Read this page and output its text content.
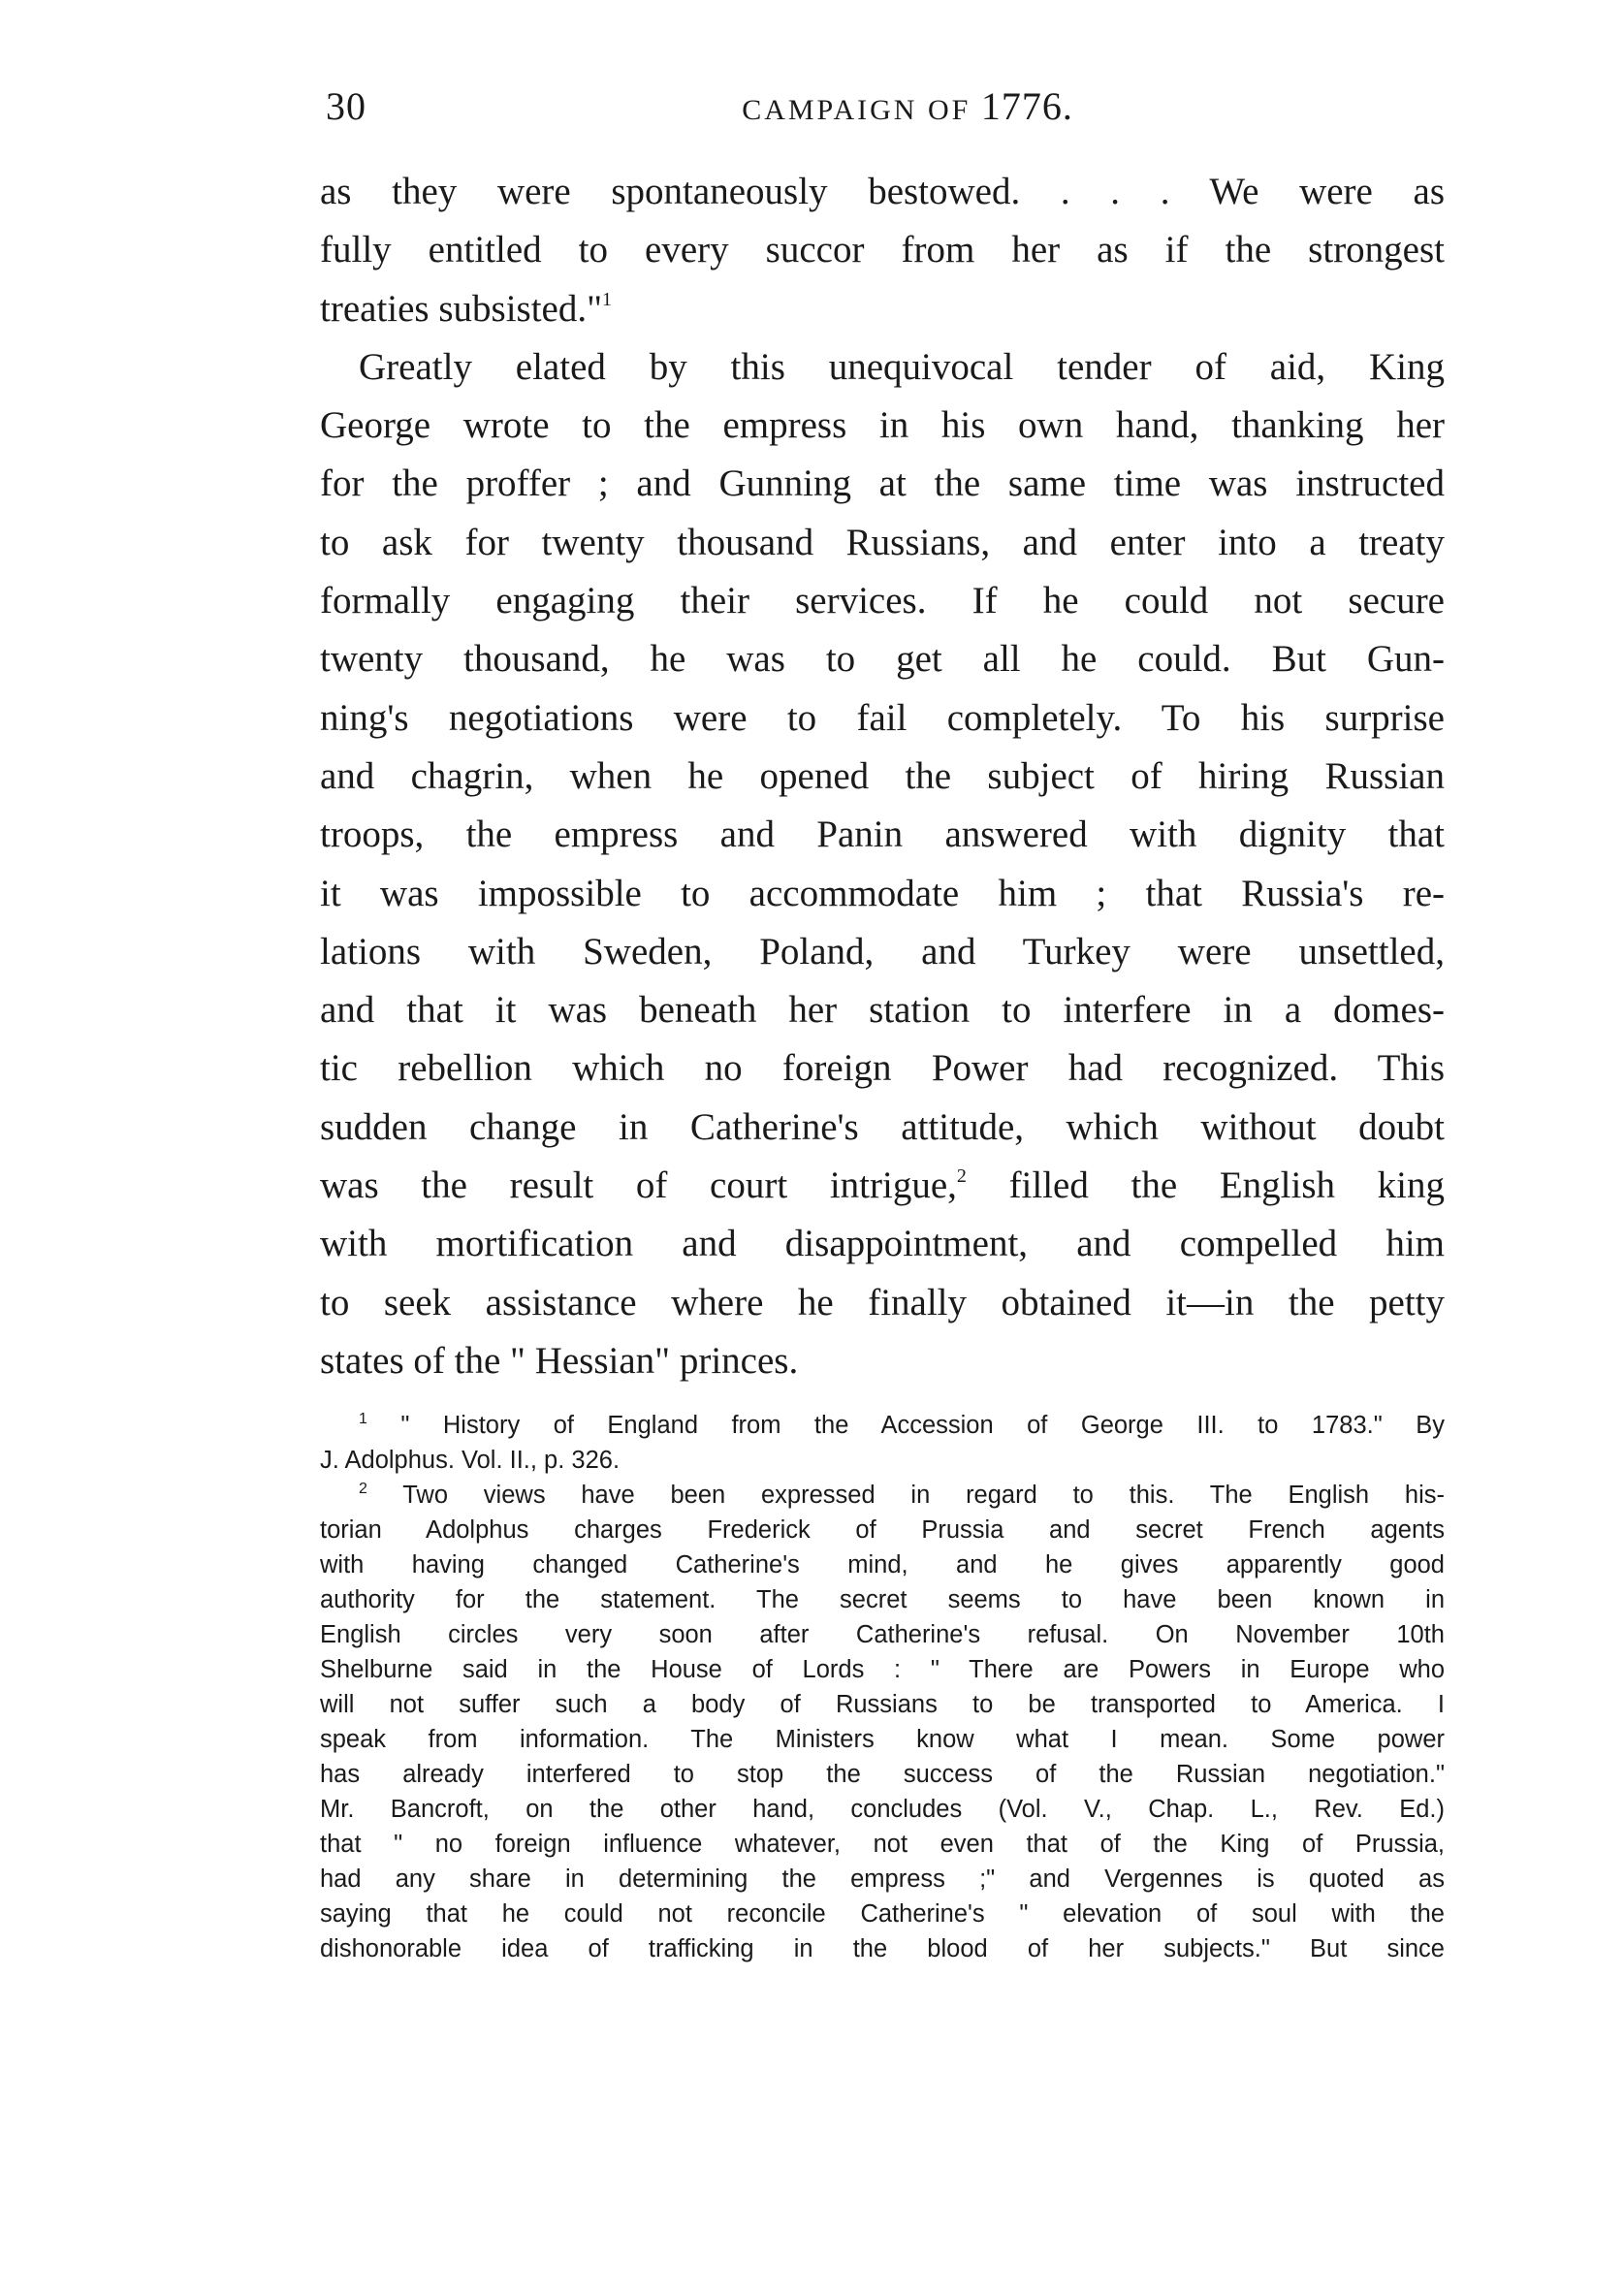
30	CAMPAIGN OF 1776.
as they were spontaneously bestowed. . . . We were as
fully entitled to every succor from her as if the strongest
treaties subsisted."$^1$
Greatly elated by this unequivocal tender of aid, King
George wrote to the empress in his own hand, thanking her
for the proffer ; and Gunning at the same time was instructed
to ask for twenty thousand Russians, and enter into a treaty
formally engaging their services. If he could not secure
twenty thousand, he was to get all he could. But Gun-
ning's negotiations were to fail completely. To his surprise
and chagrin, when he opened the subject of hiring Russian
troops, the empress and Panin answered with dignity that
it was impossible to accommodate him ; that Russia's re-
lations with Sweden, Poland, and Turkey were unsettled,
and that it was beneath her station to interfere in a domes-
tic rebellion which no foreign Power had recognized. This
sudden change in Catherine's attitude, which without doubt
was the result of court intrigue,$^2$ filled the English king
with mortification and disappointment, and compelled him
to seek assistance where he finally obtained it—in the petty
states of the " Hessian" princes.
$^1$ " History of England from the Accession of George III. to 1783." By
J. Adolphus. Vol. II., p. 326.
$^2$ Two views have been expressed in regard to this. The English his-
torian Adolphus charges Frederick of Prussia and secret French agents
with having changed Catherine's mind, and he gives apparently good
authority for the statement. The secret seems to have been known in
English circles very soon after Catherine's refusal. On November 10th
Shelburne said in the House of Lords : " There are Powers in Europe who
will not suffer such a body of Russians to be transported to America. I
speak from information. The Ministers know what I mean. Some power
has already interfered to stop the success of the Russian negotiation."
Mr. Bancroft, on the other hand, concludes (Vol. V., Chap. L., Rev. Ed.)
that " no foreign influence whatever, not even that of the King of Prussia,
had any share in determining the empress ;" and Vergennes is quoted as
saying that he could not reconcile Catherine's " elevation of soul with the
dishonorable idea of trafficking in the blood of her subjects." But since
